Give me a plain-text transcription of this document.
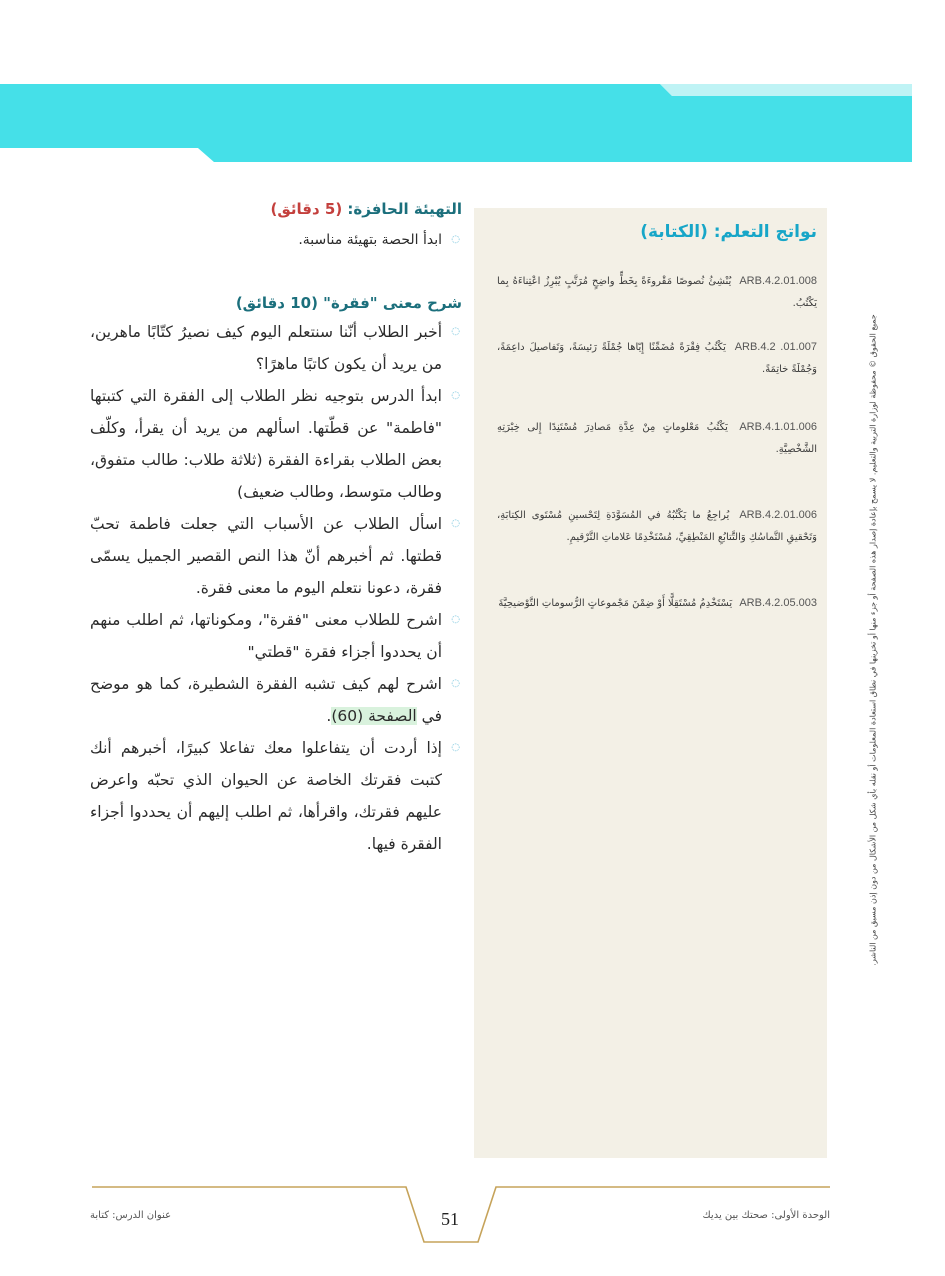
جميع الحقوق © محفوظة لوزارة التربية والتعليم. لا يسمح بإعادة إصدار هذه الصفحة أو جزء منها أو تخزينها في نطاق استعادة المعلومات أو نقله بأي شكل من الأشكال من دون إذن مسبق من الناشر.
نواتج التعلم: (الكتابة)
ARB.4.2.01.008 يُنْشِئُ نُصوصًا مَقْروءَةً بِخَطٍّ واضِحٍ مُرَتَّبٍ يُبْرِزُ اعْتِناءَهُ بِما يَكْتُبُ.
ARB.4.2 .01.007 يَكْتُبُ فِقْرَةً مُضَمِّنًا إِيّاها جُمْلَةً رَئيسَةً، وَتَفاصيلَ داعِمَةً، وَجُمْلَةً خاتِمَةً.
ARB.4.1.01.006 يَكْتُبُ مَعْلوماتٍ مِنْ عِدَّةِ مَصادِرَ مُسْتَنِدًا إِلى خِبْرَتِهِ الشَّخْصِيَّةِ.
ARB.4.2.01.006 يُراجِعُ ما يَكْتُبُهُ في المُسَوَّدَةِ لِتَحْسينِ مُسْتَوى الكِتابَةِ، وَتَحْقيقِ التَّماسُكِ وَالتَّتابُعِ المَنْطِقِيِّ، مُسْتَخْدِمًا عَلاماتِ التَّرْقيمِ.
ARB.4.2.05.003 يَسْتَخْدِمُ مُسْتَقِلًّا أَوْ ضِمْنَ مَجْموعاتٍ الرُّسوماتِ التَّوْضيحِيَّةَ
التهيئة الحافزة: (5 دقائق)
◌
ابدأ الحصة بتهيئة مناسبة.
شرح معنى "فقرة" (10 دقائق)
◌
أخبر الطلاب أنّنا سنتعلم اليوم كيف نصيرُ كتّابًا ماهرين، من يريد أن يكون كاتبًا ماهرًا؟
◌
ابدأ الدرس بتوجيه نظر الطلاب إلى الفقرة التي كتبتها "فاطمة" عن قطّتها. اسألهم من يريد أن يقرأ، وكلّف بعض الطلاب بقراءة الفقرة (ثلاثة طلاب: طالب متفوق، وطالب متوسط، وطالب ضعيف)
◌
اسأل الطلاب عن الأسباب التي جعلت فاطمة تحبّ قطتها. ثم أخبرهم أنّ هذا النص القصير الجميل يسمّى فقرة، دعونا نتعلم اليوم ما معنى فقرة.
◌
اشرح للطلاب معنى "فقرة"، ومكوناتها، ثم اطلب منهم أن يحددوا أجزاء فقرة "قطتي"
◌
اشرح لهم كيف تشبه الفقرة الشطيرة، كما هو موضح في الصفحة (60).
◌
إذا أردت أن يتفاعلوا معك تفاعلا كبيرًا، أخبرهم أنك كتبت فقرتك الخاصة عن الحيوان الذي تحبّه واعرض عليهم فقرتك، واقرأها، ثم اطلب إليهم أن يحددوا أجزاء الفقرة فيها.
عنوان الدرس: كتابة	51	الوحدة الأولى: صحتك بين يديك
